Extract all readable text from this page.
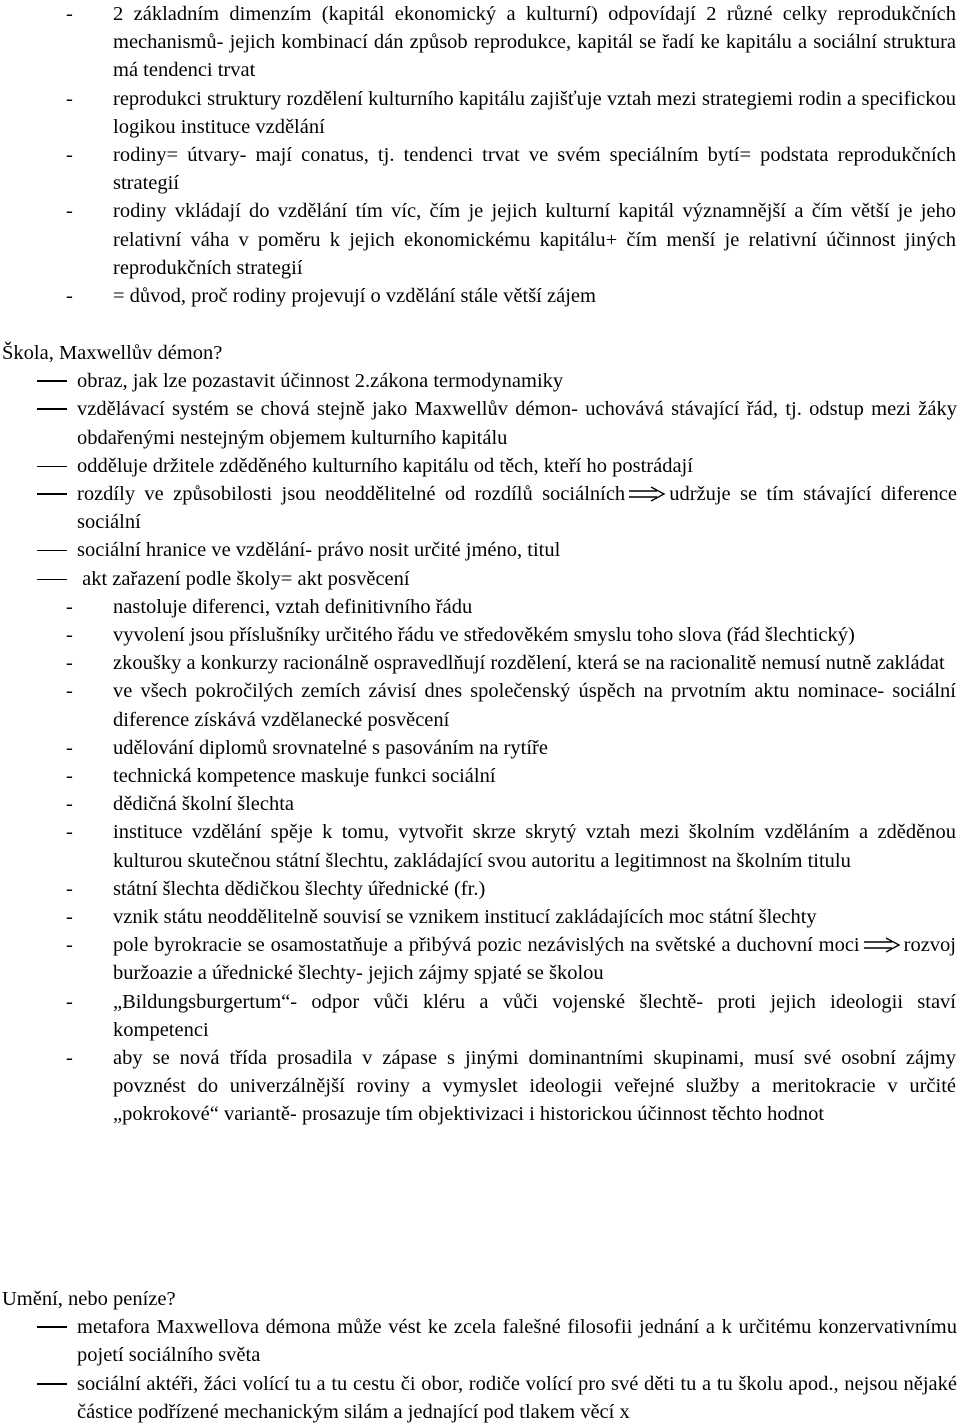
- 2 základním dimenzím (kapitál ekonomický a kulturní) odpovídají 2 různé celky reprodukčních mechanismů- jejich kombinací dán způsob reprodukce, kapitál se řadí ke kapitálu a sociální struktura má tendenci trvat
- reprodukci struktury rozdělení kulturního kapitálu zajišťuje vztah mezi strategiemi rodin a specifickou logikou instituce vzdělání
- rodiny= útvary- mají conatus, tj. tendenci trvat ve svém speciálním bytí= podstata reprodukčních strategií
- rodiny vkládají do vzdělání tím víc, čím je jejich kulturní kapitál významnější a čím větší je jeho relativní váha v poměru k jejich ekonomickému kapitálu+ čím menší je relativní účinnost jiných reprodukčních strategií
- = důvod, proč rodiny projevují o vzdělání stále větší zájem
Škola, Maxwellův démon?
obraz, jak lze pozastavit účinnost 2.zákona termodynamiky
vzdělávací systém se chová stejně jako Maxwellův démon- uchovává stávající řád, tj. odstup mezi žáky obdařenými nestejným objemem kulturního kapitálu
odděluje držitele zděděného kulturního kapitálu od těch, kteří ho postrádají
rozdíly ve způsobilosti jsou neoddělitelné od rozdílů sociálních udržuje se tím stávající diference sociální
sociální hranice ve vzdělání- právo nosit určité jméno, titul
akt zařazení podle školy= akt posvěcení
- nastoluje diferenci, vztah definitivního řádu
- vyvolení jsou příslušníky určitého řádu ve středověkém smyslu toho slova (řád šlechtický)
- zkoušky a konkurzy racionálně ospravedlňují rozdělení, která se na racionalitě nemusí nutně zakládat
- ve všech pokročilých zemích závisí dnes společenský úspěch na prvotním aktu nominace- sociální diference získává vzdělanecké posvěcení
- udělování diplomů srovnatelné s pasováním na rytíře
- technická kompetence maskuje funkci sociální
- dědičná školní šlechta
- instituce vzdělání spěje k tomu, vytvořit skrze skrytý vztah mezi školním vzděláním a zděděnou kulturou skutečnou státní šlechtu, zakládající svou autoritu a legitimnost na školním titulu
- státní šlechta dědičkou šlechty úřednické (fr.)
- vznik státu neoddělitelně souvisí se vznikem institucí zakládajících moc státní šlechty
- pole byrokracie se osamostatňuje a přibývá pozic nezávislých na světské a duchovní moci rozvoj buržoazie a úřednické šlechty- jejich zájmy spjaté se školou
- „Bildungsburgertum“- odpor vůči kléru a vůči vojenské šlechtě- proti jejich ideologii staví kompetenci
- aby se nová třída prosadila v zápase s jinými dominantními skupinami, musí své osobní zájmy povznést do univerzálnější roviny a vymyslet ideologii veřejné služby a meritokracie v určité „pokrokové“ variantě- prosazuje tím objektivizaci i historickou účinnost těchto hodnot
Umění, nebo peníze?
metafora Maxwellova démona může vést ke zcela falešné filosofii jednání a k určitému konzervativnímu pojetí sociálního světa
sociální aktéři, žáci volící tu a tu cestu či obor, rodiče volící pro své děti tu a tu školu apod., nejsou nějaké částice podřízené mechanickým silám a jednající pod tlakem věcí x
